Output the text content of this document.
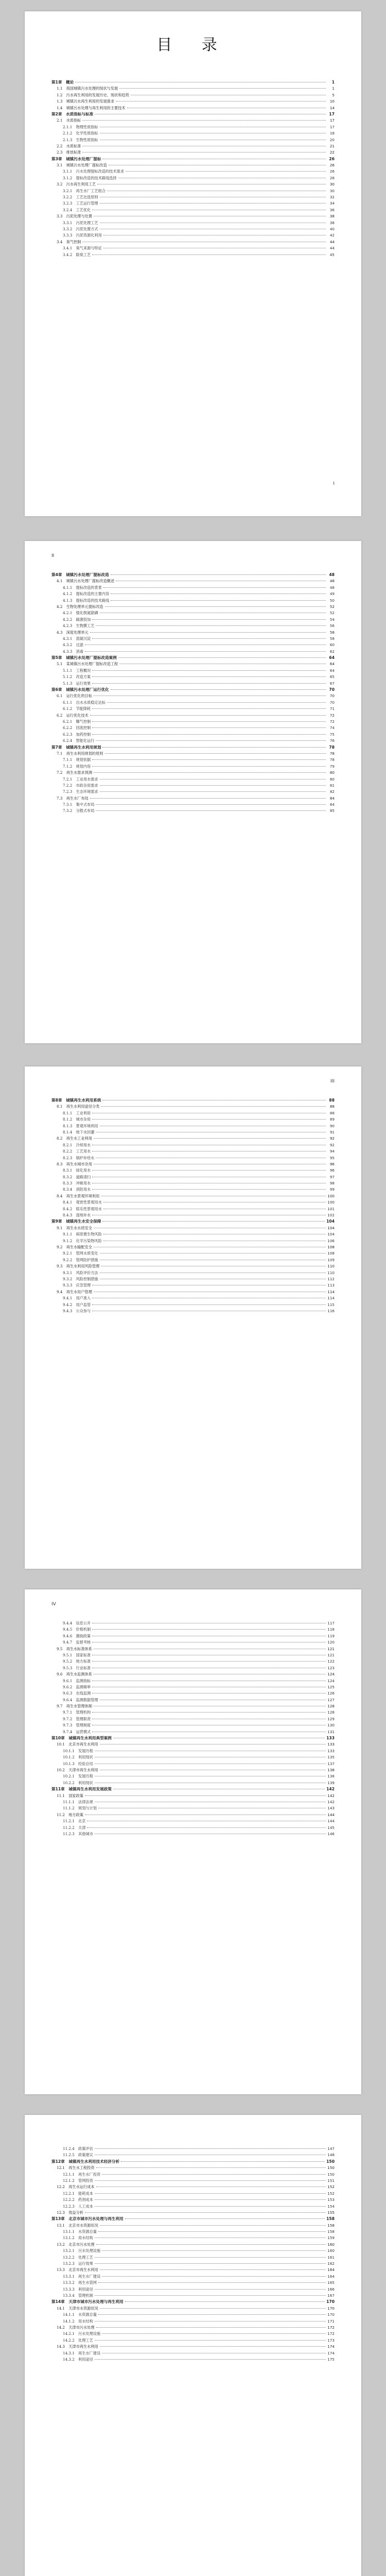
目 录
第1章　概论	1
1.1　我国城镇污水处理的现状与发展	1
1.2　污水再生利用的发展历史、现状和趋势	5
1.3　城镇污水再生利用的发展需求	10
1.4　城镇污水处理与再生利用的主要技术	14
第2章　水质指标与标准	17
2.1　水质指标	17
2.1.1　物理性质指标	17
2.1.2　化学性质指标	18
2.1.3　生物性质指标	20
2.2　水质标准	21
2.3　排放标准	22
第3章　城镇污水处理厂提标	26
3.1　城镇污水处理厂提标改造	26
3.1.1　污水处理提标改造的技术需求	26
3.1.2　提标改造的技术路线选择	28
3.2　污水再生利用工艺	30
3.2.1　再生水厂工艺组合	30
3.2.2　工艺比选原则	32
3.2.3　工艺运行管理	34
3.2.4　工艺优化	36
3.3　污泥处理与处置	38
3.3.1　污泥处理工艺	38
3.3.2　污泥处置方式	40
3.3.3　污泥资源化利用	42
3.4　臭气控制	44
3.4.1　臭气来源与特征	44
3.4.2　除臭工艺	45
I
II
第4章　城镇污水处理厂提标改造	48
4.1　城镇污水处理厂提标改造概述	48
4.1.1　提标改造的背景	48
4.1.2　提标改造的主要内容	49
4.1.3　提标改造的技术路线	50
4.2　生物处理单元提标改造	52
4.2.1　强化脱氮除磷	52
4.2.2　碳源投加	54
4.2.3　生物膜工艺	56
4.3　深度处理单元	58
4.3.1　混凝沉淀	58
4.3.2　过滤	60
4.3.3　消毒	62
第5章　城镇污水处理厂提标改造案例	64
5.1　某城镇污水处理厂提标改造工程	64
5.1.1　工程概况	64
5.1.2　改造方案	65
5.1.3　运行效果	67
第6章　城镇污水处理厂运行优化	70
6.1　运行优化的目标	70
6.1.1　出水水质稳定达标	70
6.1.2　节能降耗	71
6.2　运行优化技术	72
6.2.1　曝气控制	72
6.2.2　回流控制	74
6.2.3　加药控制	75
6.2.4　智能化运行	76
第7章　城镇再生水利用规划	78
7.1　再生水利用规划的原则	78
7.1.1　规划依据	78
7.1.2　规划内容	79
7.2　再生水需求预测	80
7.2.1　工业用水需求	80
7.2.2　市政杂用需求	81
7.2.3　生态环境需求	82
7.3　再生水厂布局	84
7.3.1　集中式布局	84
7.3.2　分散式布局	85
III
第8章　城镇再生水利用系统	88
8.1　再生水利用途径分类	88
8.1.1　工业利用	88
8.1.2　城市杂用	89
8.1.3　景观环境利用	90
8.1.4　地下水回灌	91
8.2　再生水工业利用	92
8.2.1　冷却用水	92
8.2.2　工艺用水	94
8.2.3　锅炉补给水	95
8.3　再生水城市杂用	96
8.3.1　绿化用水	96
8.3.2　道路清扫	97
8.3.3　冲厕用水	98
8.3.4　消防用水	99
8.4　再生水景观环境利用	100
8.4.1　观赏性景观用水	100
8.4.2　娱乐性景观用水	101
8.4.3　湿地补水	102
第9章　城镇再生水安全保障	104
9.1　再生水水质安全	104
9.1.1　病原微生物风险	104
9.1.2　化学污染物风险	106
9.2　再生水输配安全	108
9.2.1　管网水质变化	108
9.2.2　管网防护措施	109
9.3　再生水利用风险管理	110
9.3.1　风险评价方法	110
9.3.2　风险控制措施	112
9.3.3　应急管理	113
9.4　再生水用户管理	114
9.4.1　用户准入	114
9.4.2　用户监管	115
9.4.3　公众参与	116
IV
9.4.4　信息公开	117
9.4.5　价格机制	118
9.4.6　激励政策	119
9.4.7　监督考核	120
9.5　再生水标准体系	121
9.5.1　国家标准	121
9.5.2　地方标准	122
9.5.3　行业标准	123
9.6　再生水监测体系	124
9.6.1　监测指标	124
9.6.2　监测频率	125
9.6.3　在线监测	126
9.6.4　监测数据管理	127
9.7　再生水管理体制	128
9.7.1　管理机构	128
9.7.2　管理职责	129
9.7.3　管理制度	130
9.7.4　运营模式	131
第10章　城镇再生水利用典型案例	133
10.1　北京市再生水利用	133
10.1.1　发展历程	133
10.1.2　利用现状	135
10.1.3　经验总结	137
10.2　天津市再生水利用	138
10.2.1　发展历程	138
10.2.2　利用现状	139
第11章　城镇再生水利用发展政策	142
11.1　国家政策	142
11.1.1　法律法规	142
11.1.2　规划与计划	143
11.2　地方政策	144
11.2.1　北京	144
11.2.2　天津	145
11.2.3　其他城市	146
11.2.4　政策评估	147
11.2.5　政策建议	148
第12章　城镇再生水利用技术经济分析	150
12.1　再生水工程投资	150
12.1.1　再生水厂投资	150
12.1.2　管网投资	151
12.2　再生水运行成本	152
12.2.1　能耗成本	152
12.2.2　药剂成本	153
12.2.3　人工成本	154
12.3　效益分析	155
第13章　北京市城市污水处理与再生利用	158
13.1　北京市水资源状况	158
13.1.1　水资源总量	158
13.1.2　用水结构	159
13.2　北京市污水处理	160
13.2.1　污水处理设施	160
13.2.2　处理工艺	161
13.2.3　运行效果	162
13.3　北京市再生水利用	164
13.3.1　再生水厂建设	164
13.3.2　再生水管网	165
13.3.3　利用途径	166
13.3.4　管理机制	167
第14章　天津市城市污水处理与再生利用	170
14.1　天津市水资源状况	170
14.1.1　水资源总量	170
14.1.2　用水结构	171
14.2　天津市污水处理	172
14.2.1　污水处理设施	172
14.2.2　处理工艺	173
14.3　天津市再生水利用	174
14.3.1　再生水厂建设	174
14.3.2　利用途径	175
